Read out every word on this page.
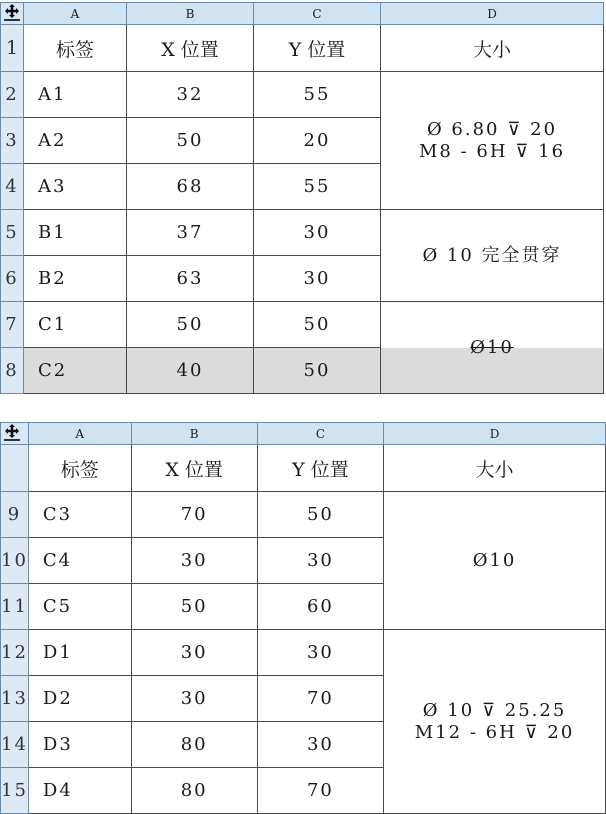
	A	B	C	D
1	标签	X 位置	Y 位置	大小
2	A1	32	55	Ø 6.80 ⊽ 20
M8 - 6H ⊽ 16

3	A2	50	20	
4	A3	68	55	
5	B1	37	30	Ø 10 完全贯穿

6	B2	63	30	
7	C1	50	50	Ø10

8	C2	40	50	
	A	B	C	D
	标签	X 位置	Y 位置	大小
9	C3	70	50	Ø10

10	C4	30	30	
11	C5	50	60	
12	D1	30	30	Ø 10 ⊽ 25.25
M12 - 6H ⊽ 20

13	D2	30	70	
14	D3	80	30	
15	D4	80	70	
